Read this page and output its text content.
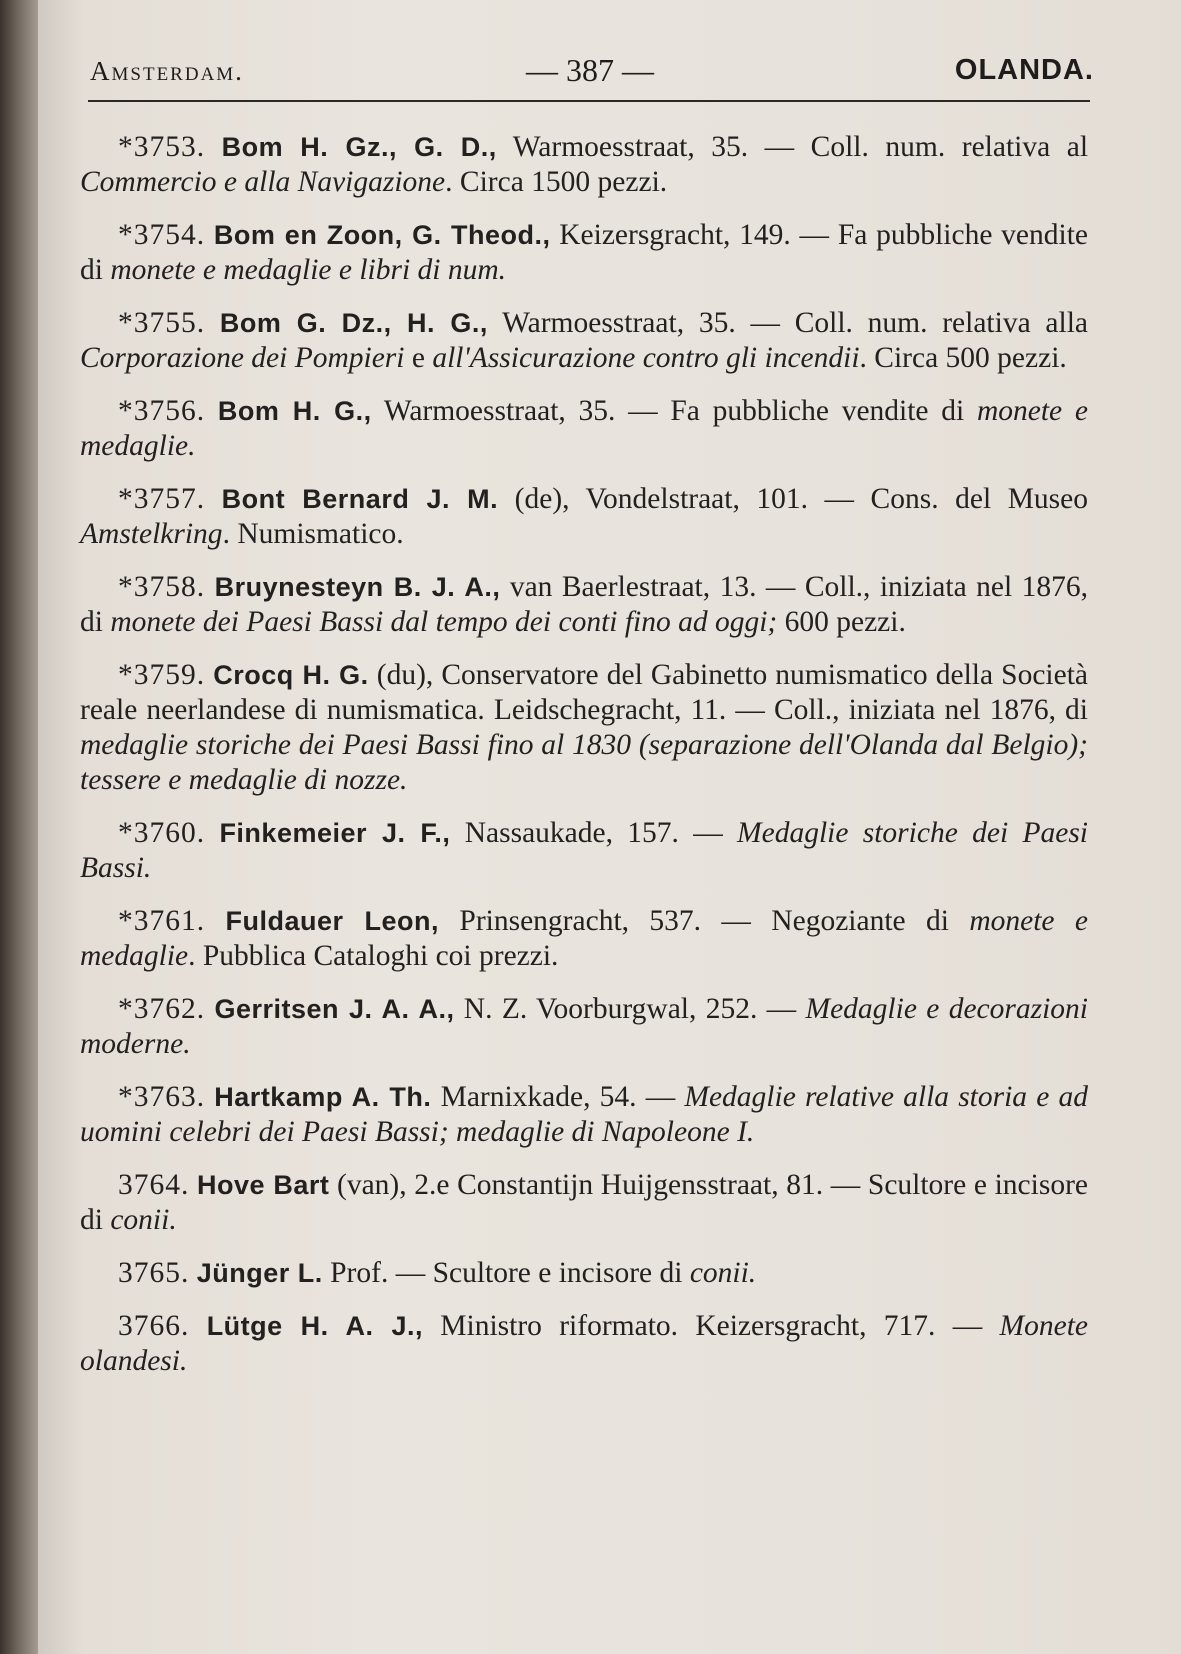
Amsterdam.	— 387 —	OLANDA.

*3753. Bom H. Gz., G. D., Warmoesstraat, 35. — Coll. num. relativa al Commercio e alla Navigazione. Circa 1500 pezzi.

*3754. Bom en Zoon, G. Theod., Keizersgracht, 149. — Fa pubbliche vendite di monete e medaglie e libri di num.

*3755. Bom G. Dz., H. G., Warmoesstraat, 35. — Coll. num. relativa alla Corporazione dei Pompieri e all'Assicurazione contro gli incendii. Circa 500 pezzi.

*3756. Bom H. G., Warmoesstraat, 35. — Fa pubbliche vendite di monete e medaglie.

*3757. Bont Bernard J. M. (de), Vondelstraat, 101. — Cons. del Museo Amstelkring. Numismatico.

*3758. Bruynesteyn B. J. A., van Baerlestraat, 13. — Coll., iniziata nel 1876, di monete dei Paesi Bassi dal tempo dei conti fino ad oggi; 600 pezzi.

*3759. Crocq H. G. (du), Conservatore del Gabinetto numismatico della Società reale neerlandese di numismatica. Leidschegracht, 11. — Coll., iniziata nel 1876, di medaglie storiche dei Paesi Bassi fino al 1830 (separazione dell'Olanda dal Belgio); tessere e medaglie di nozze.

*3760. Finkemeier J. F., Nassaukade, 157. — Medaglie storiche dei Paesi Bassi.

*3761. Fuldauer Leon, Prinsengracht, 537. — Negoziante di monete e medaglie. Pubblica Cataloghi coi prezzi.

*3762. Gerritsen J. A. A., N. Z. Voorburgwal, 252. — Medaglie e decorazioni moderne.

*3763. Hartkamp A. Th. Marnixkade, 54. — Medaglie relative alla storia e ad uomini celebri dei Paesi Bassi; medaglie di Napoleone I.

3764. Hove Bart (van), 2.e Constantijn Huijgensstraat, 81. — Scultore e incisore di conii.

3765. Jünger L. Prof. — Scultore e incisore di conii.

3766. Lütge H. A. J., Ministro riformato. Keizersgracht, 717. — Monete olandesi.
